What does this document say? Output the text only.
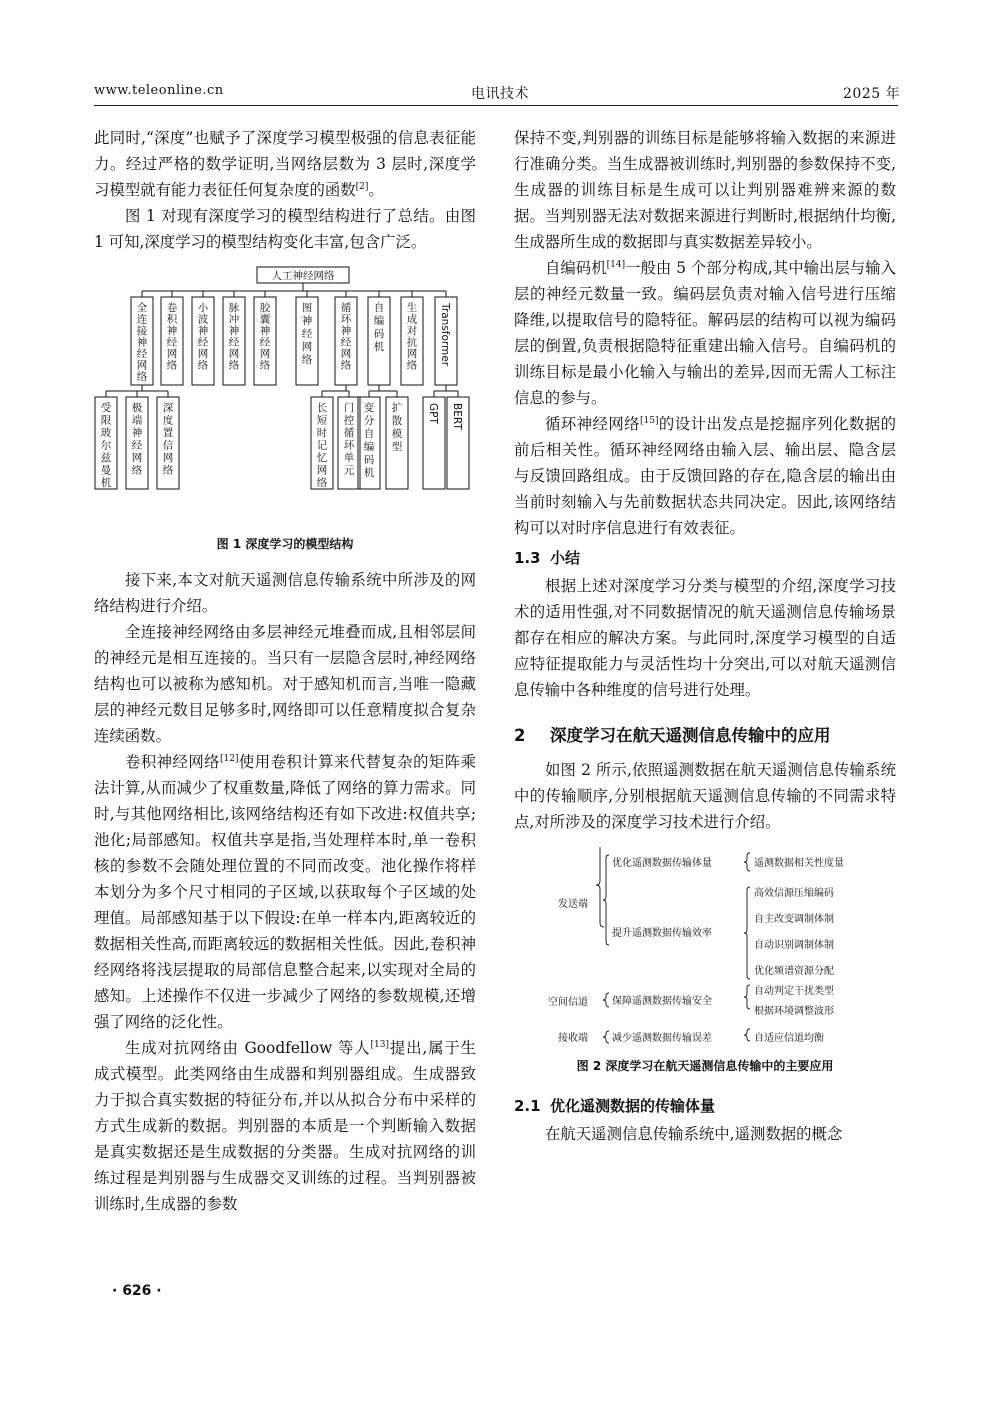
www.teleonline.cn	电讯技术	2025 年

此同时,“深度”也赋予了深度学习模型极强的信息表征能力。经过严格的数学证明,当网络层数为 3 层时,深度学习模型就有能力表征任何复杂度的函数[2]。

图 1 对现有深度学习的模型结构进行了总结。由图 1 可知,深度学习的模型结构变化丰富,包含广泛。

人工神经网络
全连接神经网络
卷积神经网络
小波神经网络
脉冲神经网络
胶囊神经网络
图神经网络
循环神经网络
自编码机
生成对抗网络 Transformer
受限玻尔兹曼机
极端神经网络
深度置信网络
长短时记忆网络
门控循环单元
变分自编码机
扩散模型
GPT BERT
图 1 深度学习的模型结构

接下来,本文对航天遥测信息传输系统中所涉及的网络结构进行介绍。

全连接神经网络由多层神经元堆叠而成,且相邻层间的神经元是相互连接的。当只有一层隐含层时,神经网络结构也可以被称为感知机。对于感知机而言,当唯一隐藏层的神经元数目足够多时,网络即可以任意精度拟合复杂连续函数。

卷积神经网络[12]使用卷积计算来代替复杂的矩阵乘法计算,从而减少了权重数量,降低了网络的算力需求。同时,与其他网络相比,该网络结构还有如下改进:权值共享;池化;局部感知。权值共享是指,当处理样本时,单一卷积核的参数不会随处理位置的不同而改变。池化操作将样本划分为多个尺寸相同的子区域,以获取每个子区域的处理值。局部感知基于以下假设:在单一样本内,距离较近的数据相关性高,而距离较远的数据相关性低。因此,卷积神经网络将浅层提取的局部信息整合起来,以实现对全局的感知。上述操作不仅进一步减少了网络的参数规模,还增强了网络的泛化性。

生成对抗网络由 Goodfellow 等人[13]提出,属于生成式模型。此类网络由生成器和判别器组成。生成器致力于拟合真实数据的特征分布,并以从拟合分布中采样的方式生成新的数据。判别器的本质是一个判断输入数据是真实数据还是生成数据的分类器。生成对抗网络的训练过程是判别器与生成器交叉训练的过程。当判别器被训练时,生成器的参数

保持不变,判别器的训练目标是能够将输入数据的来源进行准确分类。当生成器被训练时,判别器的参数保持不变,生成器的训练目标是生成可以让判别器难辨来源的数据。当判别器无法对数据来源进行判断时,根据纳什均衡,生成器所生成的数据即与真实数据差异较小。

自编码机[14]一般由 5 个部分构成,其中输出层与输入层的神经元数量一致。编码层负责对输入信号进行压缩降维,以提取信号的隐特征。解码层的结构可以视为编码层的倒置,负责根据隐特征重建出输入信号。自编码机的训练目标是最小化输入与输出的差异,因而无需人工标注信息的参与。

循环神经网络[15]的设计出发点是挖掘序列化数据的前后相关性。循环神经网络由输入层、输出层、隐含层与反馈回路组成。由于反馈回路的存在,隐含层的输出由当前时刻输入与先前数据状态共同决定。因此,该网络结构可以对时序信息进行有效表征。

1.3 小结

根据上述对深度学习分类与模型的介绍,深度学习技术的适用性强,对不同数据情况的航天遥测信息传输场景都存在相应的解决方案。与此同时,深度学习模型的自适应特征提取能力与灵活性均十分突出,可以对航天遥测信息传输中各种维度的信号进行处理。

2 深度学习在航天遥测信息传输中的应用

如图 2 所示,依照遥测数据在航天遥测信息传输系统中的传输顺序,分别根据航天遥测信息传输的不同需求特点,对所涉及的深度学习技术进行介绍。

发送端
空间信道
接收端
优化遥测数据传输体量
提升遥测数据传输效率
保障遥测数据传输安全
减少遥测数据传输误差
遥测数据相关性度量
高效信源压缩编码
自主改变调制体制
自动识别调制体制
优化频谱资源分配
自动判定干扰类型
根据环境调整波形
自适应信道均衡
图 2 深度学习在航天遥测信息传输中的主要应用

2.1 优化遥测数据的传输体量

在航天遥测信息传输系统中,遥测数据的概念

· 626 ·
